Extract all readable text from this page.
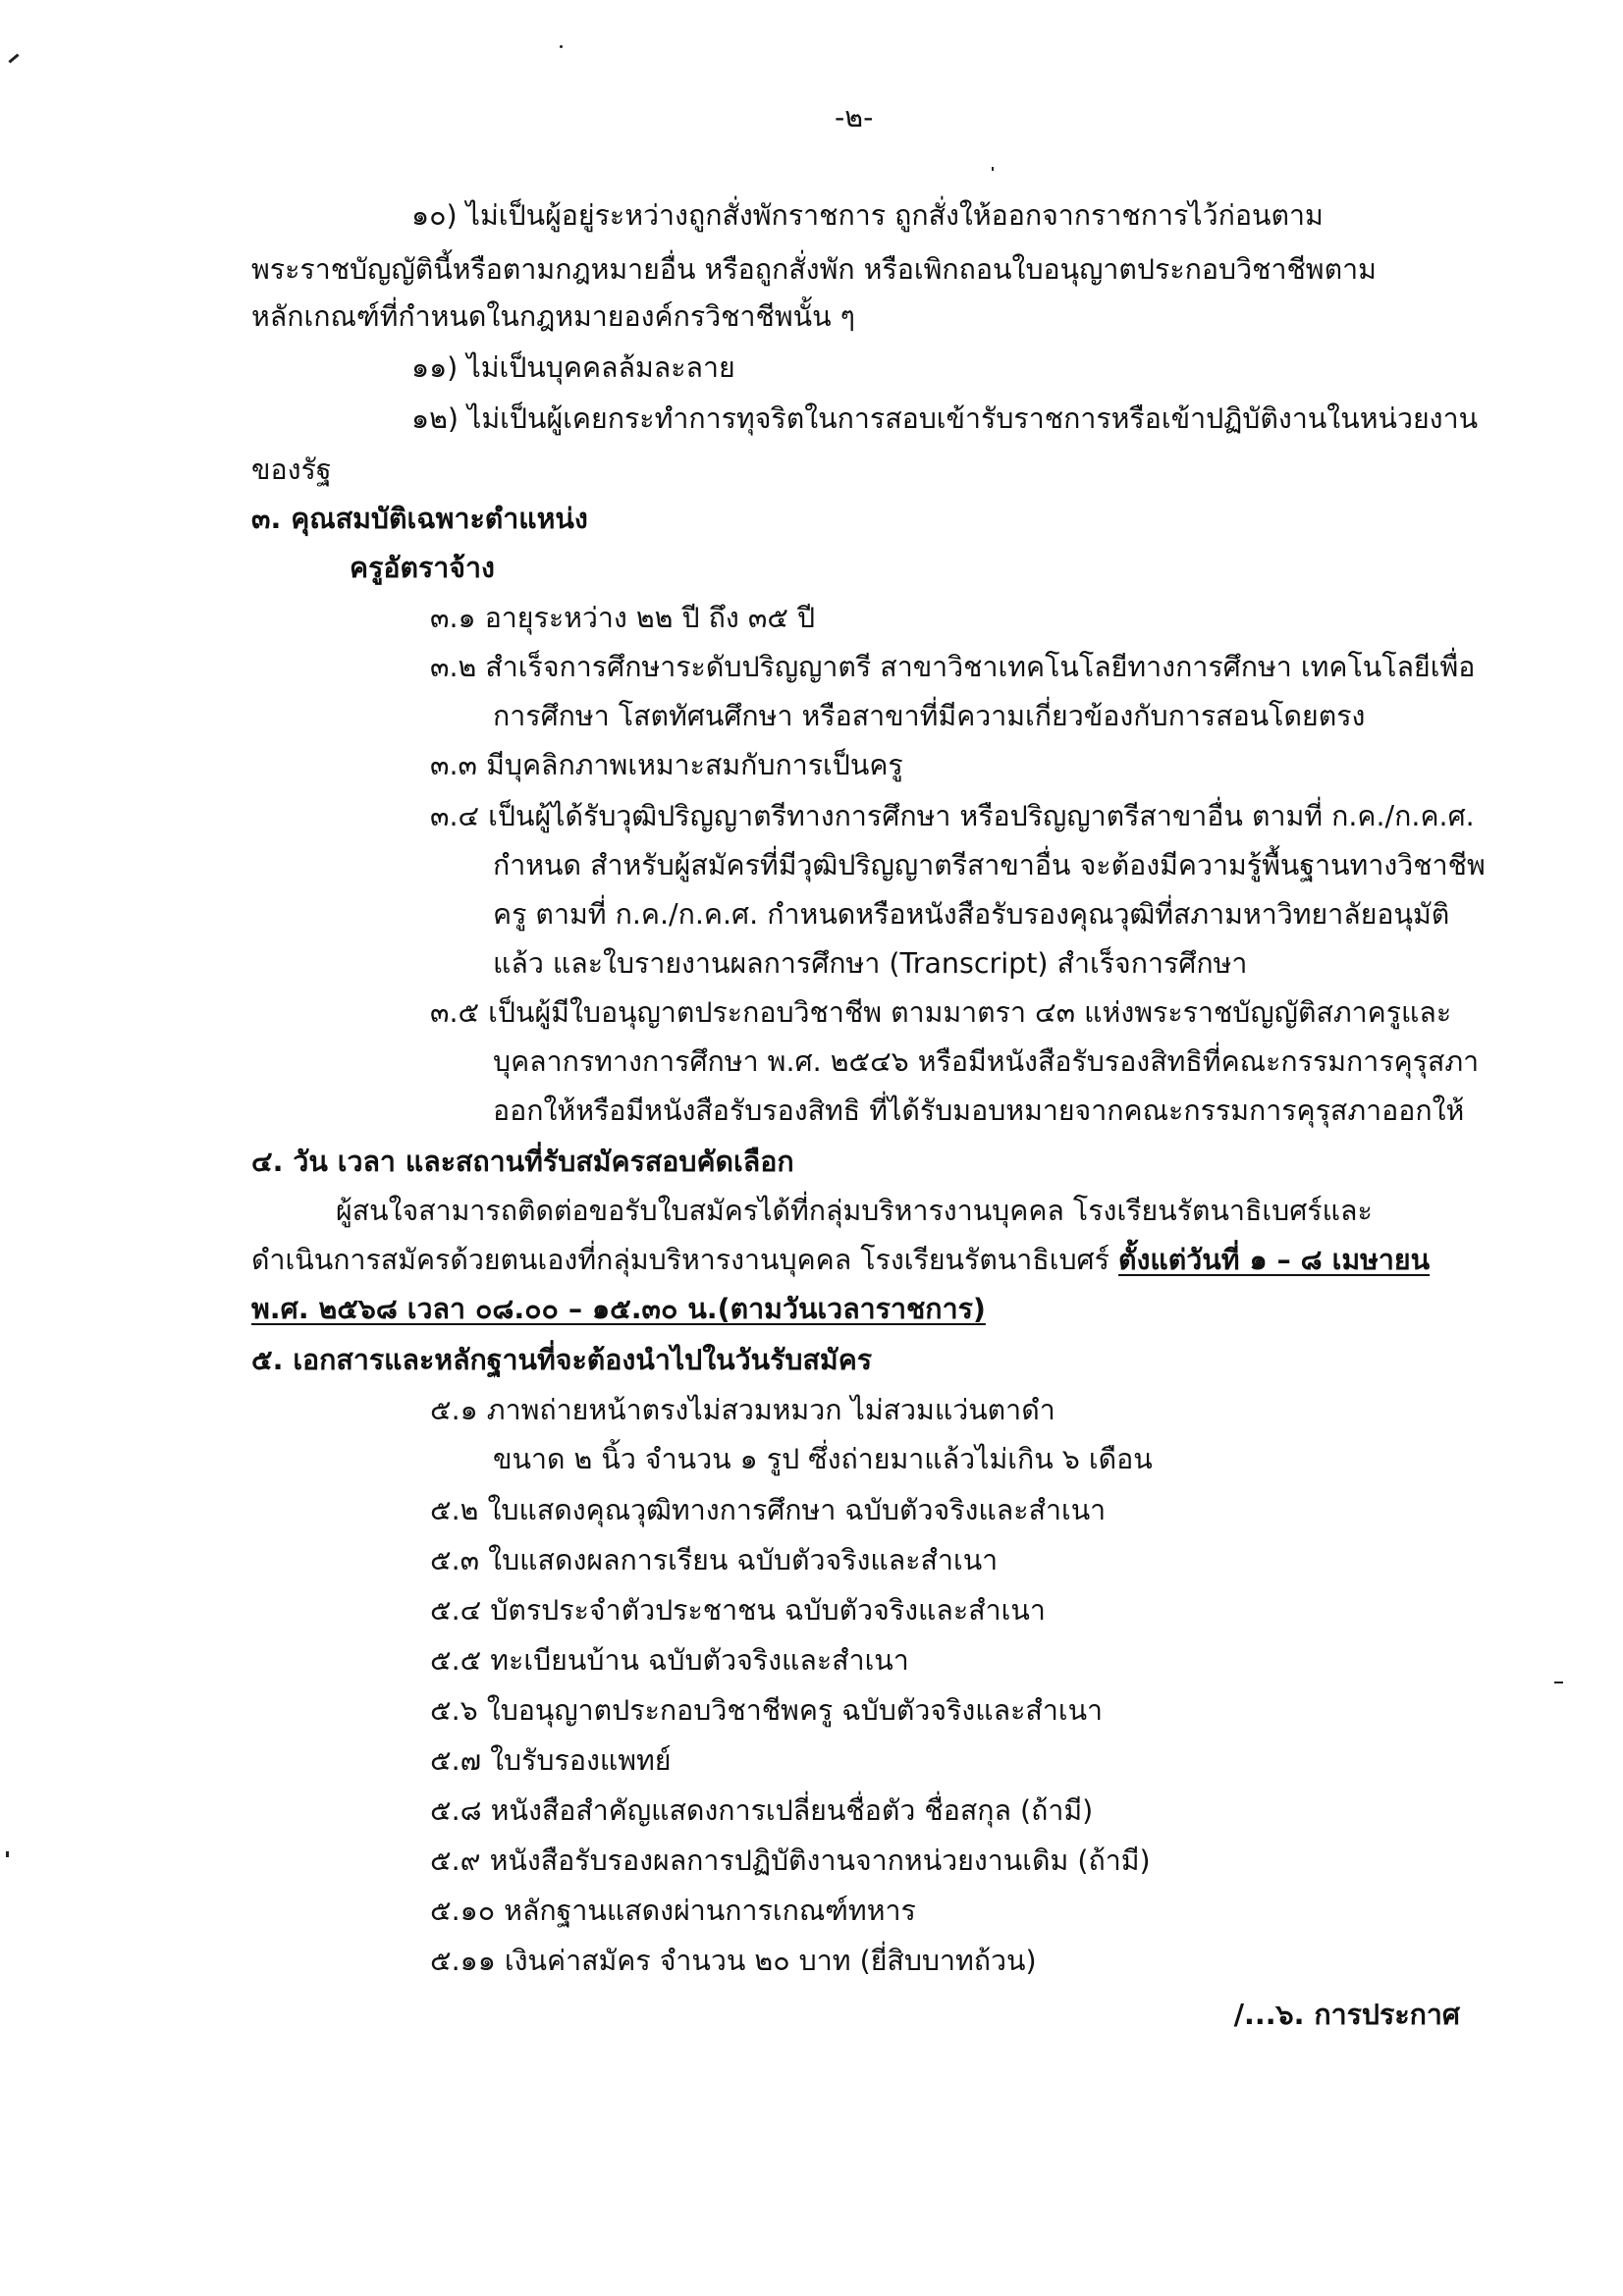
-๒-

๑๐) ไม่เป็นผู้อยู่ระหว่างถูกสั่งพักราชการ ถูกสั่งให้ออกจากราชการไว้ก่อนตาม

พระราชบัญญัตินี้หรือตามกฎหมายอื่น หรือถูกสั่งพัก หรือเพิกถอนใบอนุญาตประกอบวิชาชีพตาม

หลักเกณฑ์ที่กำหนดในกฎหมายองค์กรวิชาชีพนั้น ๆ

๑๑) ไม่เป็นบุคคลล้มละลาย

๑๒) ไม่เป็นผู้เคยกระทำการทุจริตในการสอบเข้ารับราชการหรือเข้าปฏิบัติงานในหน่วยงาน

ของรัฐ

๓. คุณสมบัติเฉพาะตำแหน่ง

ครูอัตราจ้าง

๓.๑ อายุระหว่าง ๒๒ ปี ถึง ๓๕ ปี

๓.๒ สำเร็จการศึกษาระดับปริญญาตรี สาขาวิชาเทคโนโลยีทางการศึกษา เทคโนโลยีเพื่อ

การศึกษา โสตทัศนศึกษา หรือสาขาที่มีความเกี่ยวข้องกับการสอนโดยตรง

๓.๓ มีบุคลิกภาพเหมาะสมกับการเป็นครู

๓.๔ เป็นผู้ได้รับวุฒิปริญญาตรีทางการศึกษา หรือปริญญาตรีสาขาอื่น ตามที่ ก.ค./ก.ค.ศ.

กำหนด สำหรับผู้สมัครที่มีวุฒิปริญญาตรีสาขาอื่น จะต้องมีความรู้พื้นฐานทางวิชาชีพ

ครู ตามที่ ก.ค./ก.ค.ศ. กำหนดหรือหนังสือรับรองคุณวุฒิที่สภามหาวิทยาลัยอนุมัติ

แล้ว และใบรายงานผลการศึกษา (Transcript) สำเร็จการศึกษา

๓.๕ เป็นผู้มีใบอนุญาตประกอบวิชาชีพ ตามมาตรา ๔๓ แห่งพระราชบัญญัติสภาครูและ

บุคลากรทางการศึกษา พ.ศ. ๒๕๔๖ หรือมีหนังสือรับรองสิทธิที่คณะกรรมการคุรุสภา

ออกให้หรือมีหนังสือรับรองสิทธิ ที่ได้รับมอบหมายจากคณะกรรมการคุรุสภาออกให้

๔. วัน เวลา และสถานที่รับสมัครสอบคัดเลือก

ผู้สนใจสามารถติดต่อขอรับใบสมัครได้ที่กลุ่มบริหารงานบุคคล โรงเรียนรัตนาธิเบศร์และ

ดำเนินการสมัครด้วยตนเองที่กลุ่มบริหารงานบุคคล โรงเรียนรัตนาธิเบศร์ ตั้งแต่วันที่ ๑ – ๘ เมษายน

พ.ศ. ๒๕๖๘ เวลา ๐๘.๐๐ – ๑๕.๓๐ น.(ตามวันเวลาราชการ)

๕. เอกสารและหลักฐานที่จะต้องนำไปในวันรับสมัคร

๕.๑ ภาพถ่ายหน้าตรงไม่สวมหมวก ไม่สวมแว่นตาดำ

ขนาด ๒ นิ้ว จำนวน ๑ รูป ซึ่งถ่ายมาแล้วไม่เกิน ๖ เดือน

๕.๒ ใบแสดงคุณวุฒิทางการศึกษา ฉบับตัวจริงและสำเนา

๕.๓ ใบแสดงผลการเรียน ฉบับตัวจริงและสำเนา

๕.๔ บัตรประจำตัวประชาชน ฉบับตัวจริงและสำเนา

๕.๕ ทะเบียนบ้าน ฉบับตัวจริงและสำเนา

๕.๖ ใบอนุญาตประกอบวิชาชีพครู ฉบับตัวจริงและสำเนา

๕.๗ ใบรับรองแพทย์

๕.๘ หนังสือสำคัญแสดงการเปลี่ยนชื่อตัว ชื่อสกุล (ถ้ามี)

๕.๙ หนังสือรับรองผลการปฏิบัติงานจากหน่วยงานเดิม (ถ้ามี)

๕.๑๐ หลักฐานแสดงผ่านการเกณฑ์ทหาร

๕.๑๑ เงินค่าสมัคร จำนวน ๒๐ บาท (ยี่สิบบาทถ้วน)

/...๖. การประกาศ
